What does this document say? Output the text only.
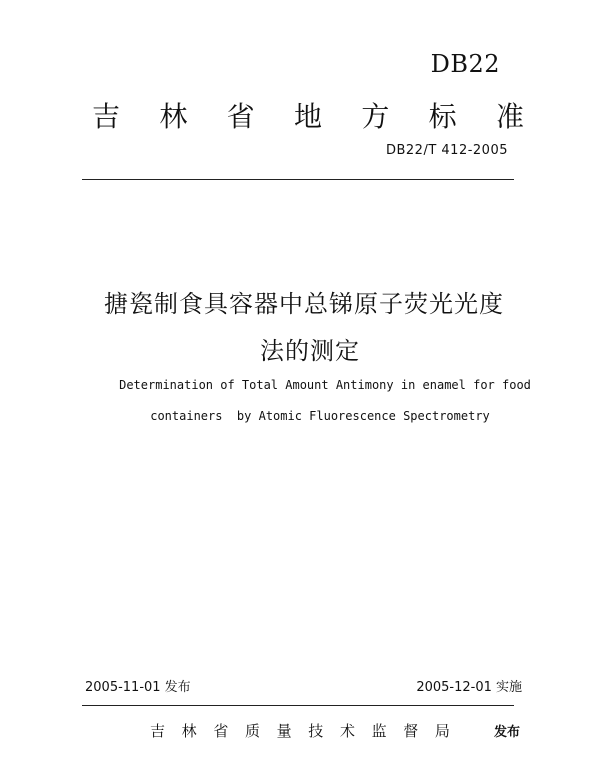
DB22
吉 林 省 地 方 标 准
DB22/T 412-2005
搪瓷制食具容器中总锑原子荧光光度
法的测定
Determination of Total Amount Antimony in enamel for food
containers  by Atomic Fluorescence Spectrometry
2005-11-01 发布	2005-12-01 实施
吉 林 省 质 量 技 术 监 督 局	发布
